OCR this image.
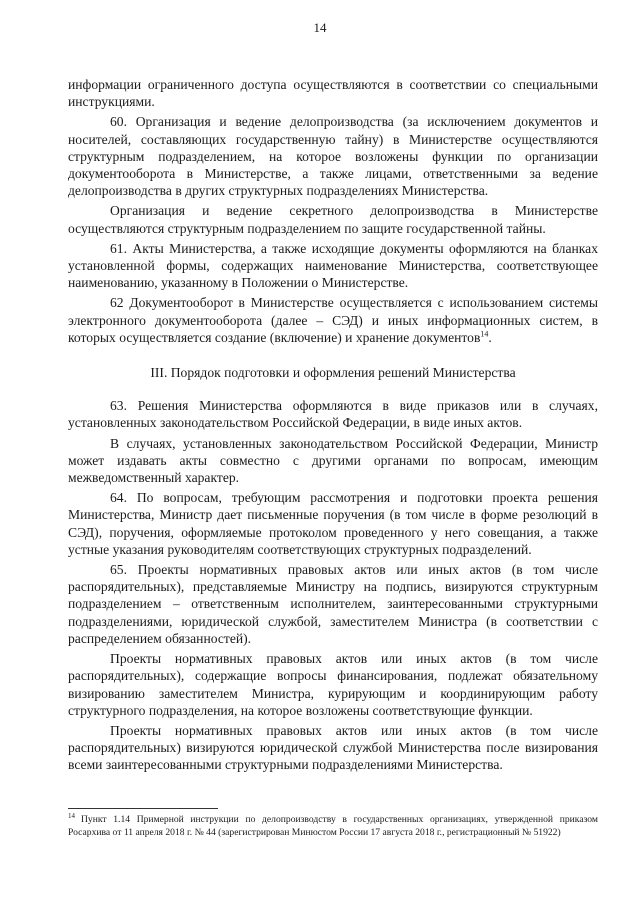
14

информации ограниченного доступа осуществляются в соответствии со специальными инструкциями.

60. Организация и ведение делопроизводства (за исключением документов и носителей, составляющих государственную тайну) в Министерстве осуществляются структурным подразделением, на которое возложены функции по организации документооборота в Министерстве, а также лицами, ответственными за ведение делопроизводства в других структурных подразделениях Министерства.

Организация и ведение секретного делопроизводства в Министерстве осуществляются структурным подразделением по защите государственной тайны.

61. Акты Министерства, а также исходящие документы оформляются на бланках установленной формы, содержащих наименование Министерства, соответствующее наименованию, указанному в Положении о Министерстве.

62 Документооборот в Министерстве осуществляется с использованием системы электронного документооборота (далее – СЭД) и иных информационных систем, в которых осуществляется создание (включение) и хранение документов$^{14}$.

III. Порядок подготовки и оформления решений Министерства

63. Решения Министерства оформляются в виде приказов или в случаях, установленных законодательством Российской Федерации, в виде иных актов.

В случаях, установленных законодательством Российской Федерации, Министр может издавать акты совместно с другими органами по вопросам, имеющим межведомственный характер.

64. По вопросам, требующим рассмотрения и подготовки проекта решения Министерства, Министр дает письменные поручения (в том числе в форме резолюций в СЭД), поручения, оформляемые протоколом проведенного у него совещания, а также устные указания руководителям соответствующих структурных подразделений.

65. Проекты нормативных правовых актов или иных актов (в том числе распорядительных), представляемые Министру на подпись, визируются структурным подразделением – ответственным исполнителем, заинтересованными структурными подразделениями, юридической службой, заместителем Министра (в соответствии с распределением обязанностей).

Проекты нормативных правовых актов или иных актов (в том числе распорядительных), содержащие вопросы финансирования, подлежат обязательному визированию заместителем Министра, курирующим и координирующим работу структурного подразделения, на которое возложены соответствующие функции.

Проекты нормативных правовых актов или иных актов (в том числе распорядительных) визируются юридической службой Министерства после визирования всеми заинтересованными структурными подразделениями Министерства.

$^{14}$ Пункт 1.14 Примерной инструкции по делопроизводству в государственных организациях, утвержденной приказом Росархива от 11 апреля 2018 г. № 44 (зарегистрирован Минюстом России 17 августа 2018 г., регистрационный № 51922)
